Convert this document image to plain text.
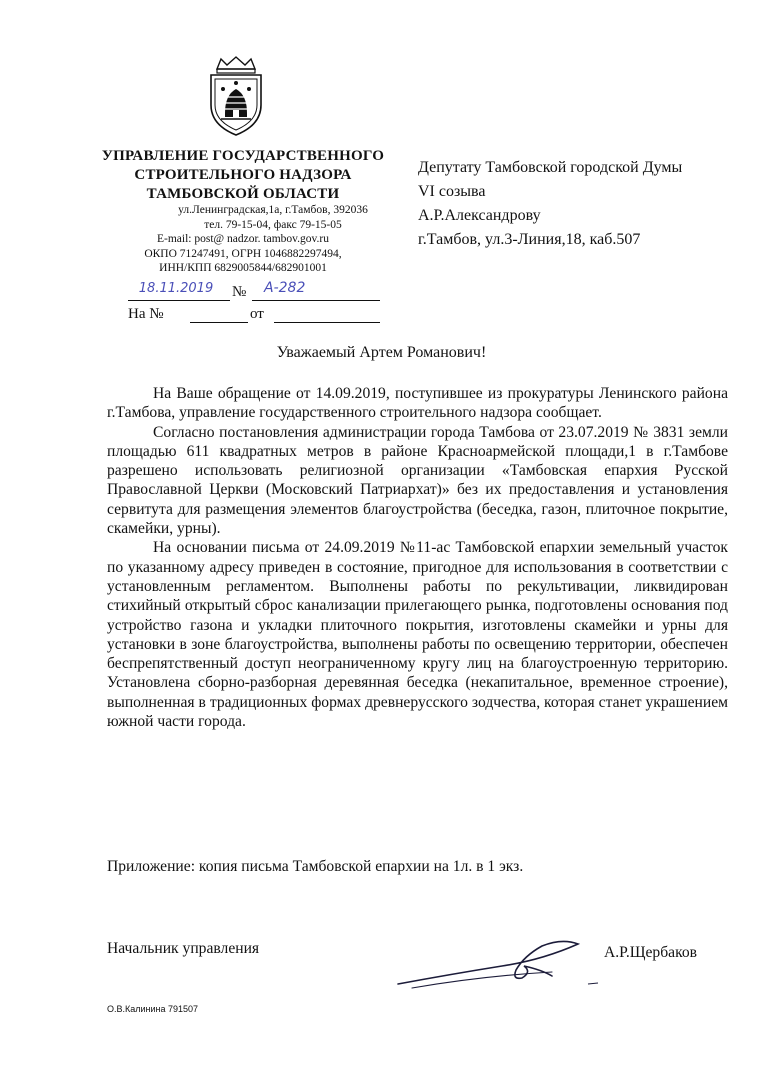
УПРАВЛЕНИЕ ГОСУДАРСТВЕННОГО
СТРОИТЕЛЬНОГО НАДЗОРА
ТАМБОВСКОЙ ОБЛАСТИ
ул.Ленинградская,1а, г.Тамбов, 392036
тел. 79-15-04, факс 79-15-05
E-mail: post@ nadzor. tambov.gov.ru
ОКПО 71247491, ОГРН 1046882297494,
ИНН/КПП 6829005844/682901001
18.11.2019	№ А-282
На №	от
Депутату Тамбовской городской Думы
VI созыва
А.Р.Александрову
г.Тамбов, ул.3-Линия,18, каб.507
Уважаемый Артем Романович!

На Ваше обращение от 14.09.2019, поступившее из прокуратуры Ленинского района г.Тамбова, управление государственного строительного надзора сообщает.

Согласно постановления администрации города Тамбова от 23.07.2019 № 3831 земли площадью 611 квадратных метров в районе Красноармейской площади,1 в г.Тамбове разрешено использовать религиозной организации «Тамбовская епархия Русской Православной Церкви (Московский Патриархат)» без их предоставления и установления сервитута для размещения элементов благоустройства (беседка, газон, плиточное покрытие, скамейки, урны).

На основании письма от 24.09.2019 №11-ас Тамбовской епархии земельный участок по указанному адресу приведен в состояние, пригодное для использования в соответствии с установленным регламентом. Выполнены работы по рекультивации, ликвидирован стихийный открытый сброс канализации прилегающего рынка, подготовлены основания под устройство газона и укладки плиточного покрытия, изготовлены скамейки и урны для установки в зоне благоустройства, выполнены работы по освещению территории, обеспечен беспрепятственный доступ неограниченному кругу лиц на благоустроенную территорию. Установлена сборно-разборная деревянная беседка (некапитальное, временное строение), выполненная в традиционных формах древнерусского зодчества, которая станет украшением южной части города.

Приложение: копия письма Тамбовской епархии на 1л. в 1 экз.
Начальник управления	А.Р.Щербаков
О.В.Калинина 791507
